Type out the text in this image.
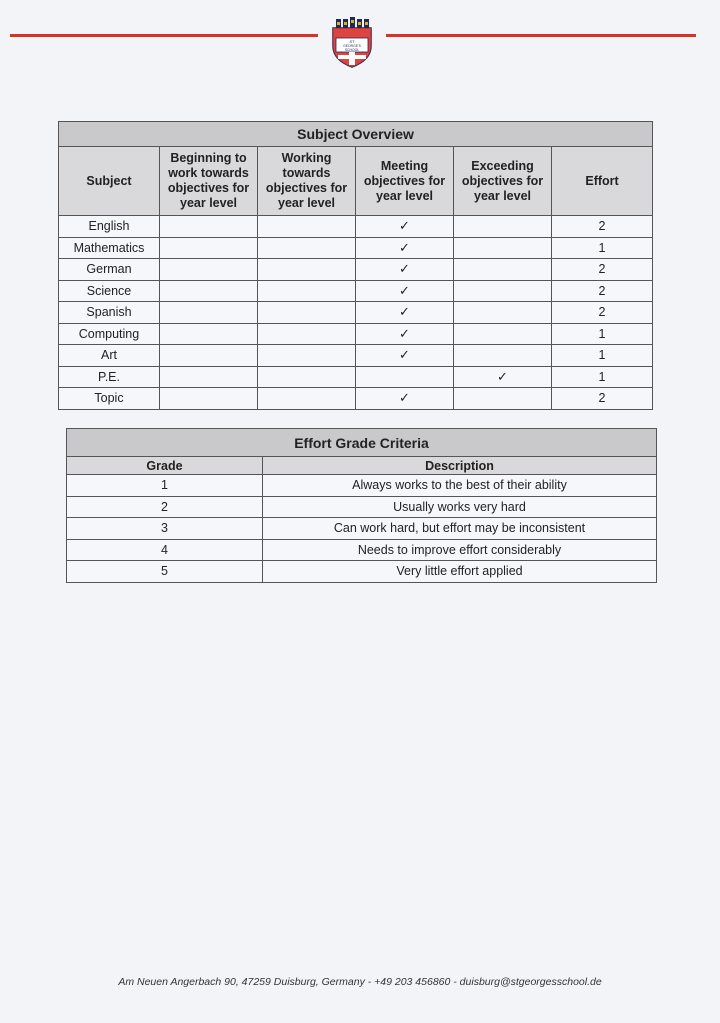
ST
GEORGE'S
SCHOOL
Subject Overview					
Subject	Beginning to work towards objectives for year level	Working towards objectives for year level	Meeting objectives for year level	Exceeding objectives for year level	Effort
English			✓		2
Mathematics			✓		1
German			✓		2
Science			✓		2
Spanish			✓		2
Computing			✓		1
Art			✓		1
P.E.				✓	1
Topic			✓		2
Effort Grade Criteria	
Grade	Description
1	Always works to the best of their ability
2	Usually works very hard
3	Can work hard, but effort may be inconsistent
4	Needs to improve effort considerably
5	Very little effort applied
Am Neuen Angerbach 90, 47259 Duisburg, Germany - +49 203 456860 - duisburg@stgeorgesschool.de
